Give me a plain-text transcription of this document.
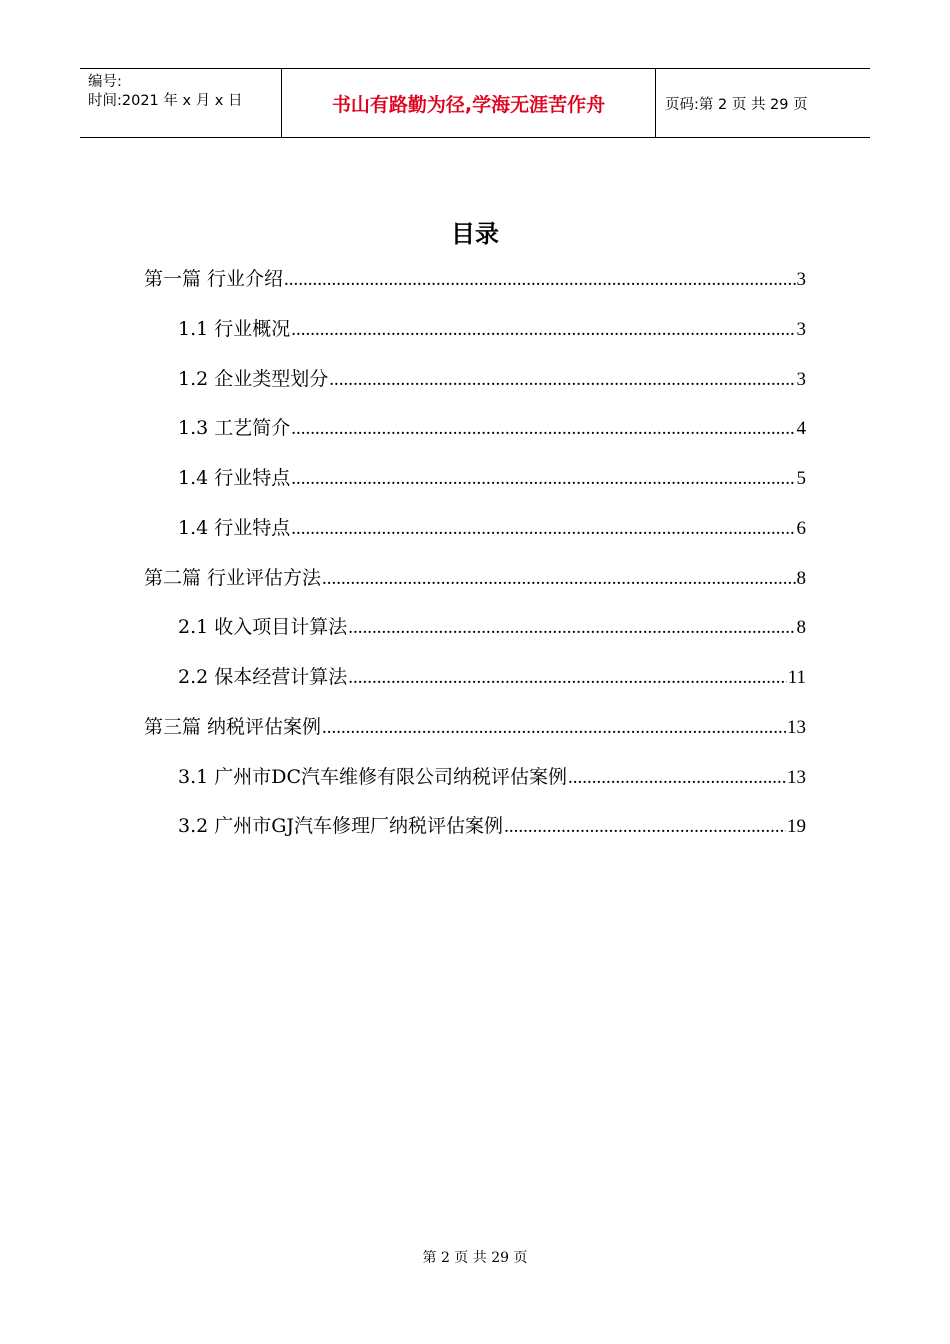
编号:
时间:2021 年 x 月 x 日	书山有路勤为径,学海无涯苦作舟	页码:第 2 页 共 29 页
目录
第一篇 行业介绍 .....	3
1.1 行业概况 .....	3
1.2 企业类型划分 .....	3
1.3 工艺简介 .....	4
1.4 行业特点 .....	5
1.4 行业特点 .....	6
第二篇 行业评估方法 .....	8
2.1 收入项目计算法 .....	8
2.2 保本经营计算法 .....	11
第三篇 纳税评估案例 .....	13
3.1 广州市DC汽车维修有限公司纳税评估案例 .....	13
3.2 广州市GJ汽车修理厂纳税评估案例 .....	19
第 2 页 共 29 页
